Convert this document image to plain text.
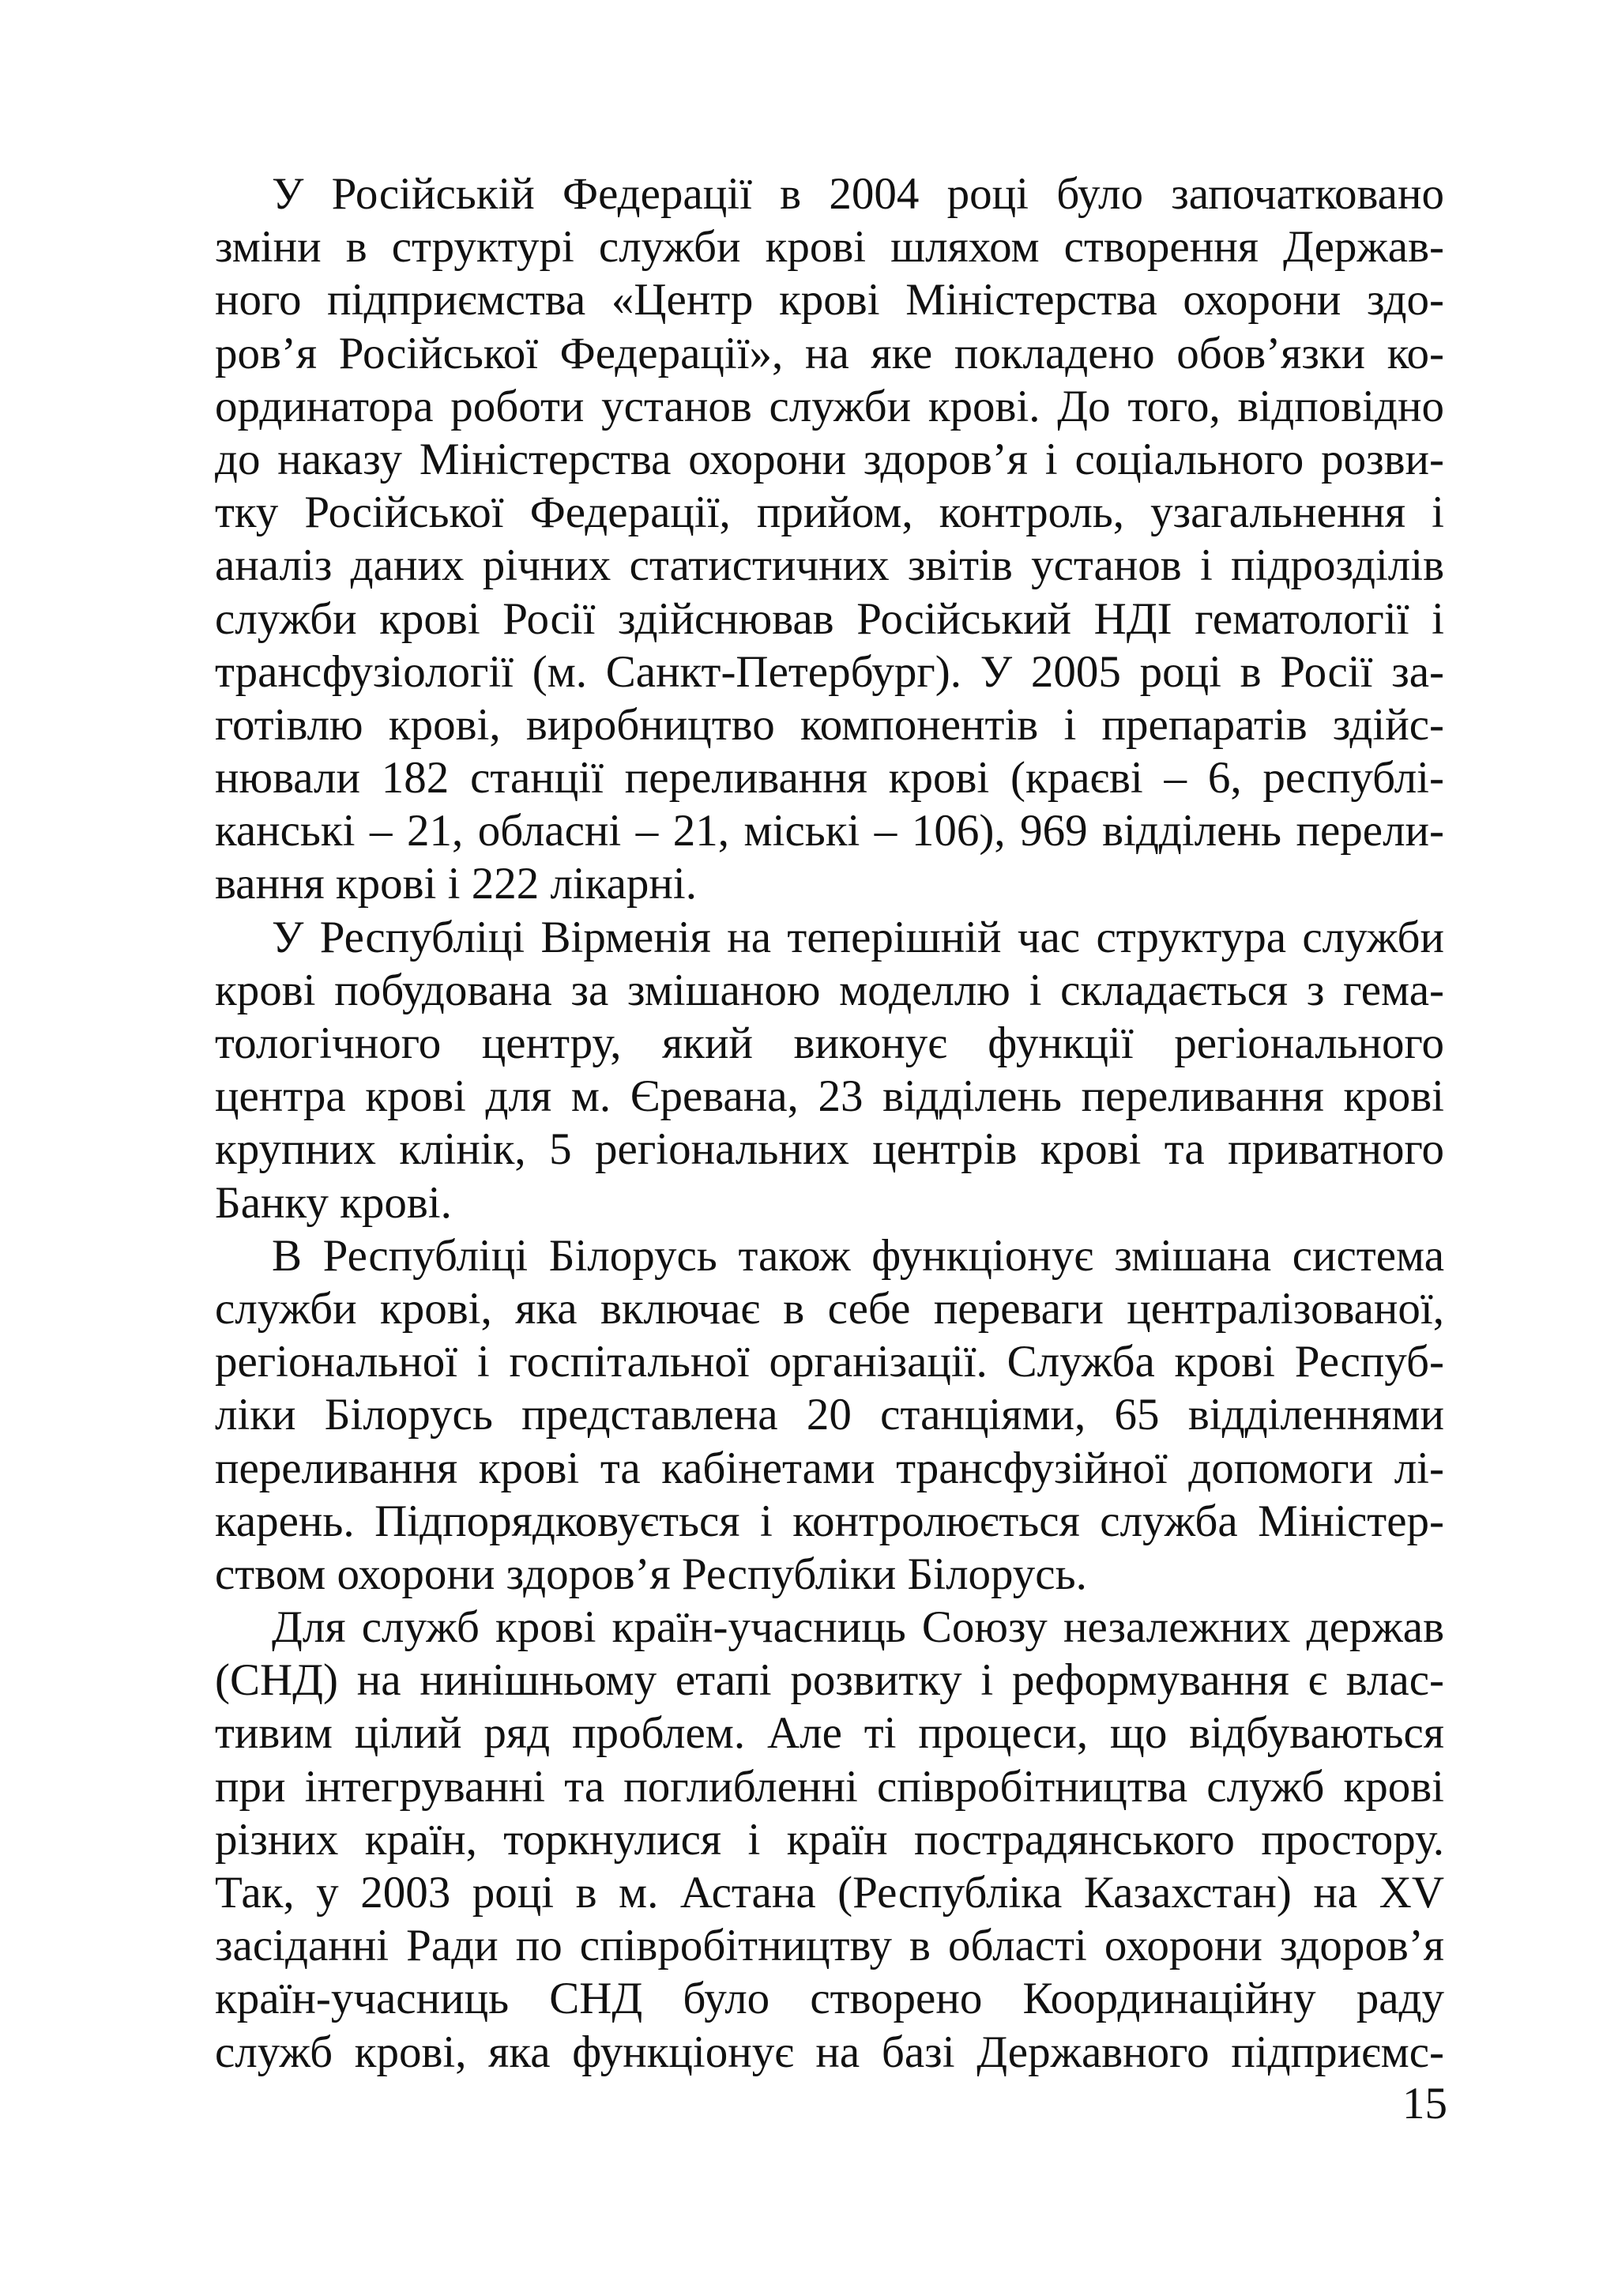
У Російській Федерації в 2004 році було започатковано
зміни в структурі служби крові шляхом створення Держав-
ного підприємства «Центр крові Міністерства охорони здо-
ров’я Російської Федерації», на яке покладено обов’язки ко-
ординатора роботи установ служби крові. До того, відповідно
до наказу Міністерства охорони здоров’я і соціального розви-
тку Російської Федерації, прийом, контроль, узагальнення і
аналіз даних річних статистичних звітів установ і підрозділів
служби крові Росії здійснював Російський НДІ гематології і
трансфузіології (м. Санкт-Петербург). У 2005 році в Росії за-
готівлю крові, виробництво компонентів і препаратів здійс-
нювали 182 станції переливання крові (краєві – 6, республі-
канські – 21, обласні – 21, міські – 106), 969 відділень перели-
вання крові і 222 лікарні.
У Республіці Вірменія на теперішній час структура служби
крові побудована за змішаною моделлю і складається з гема-
тологічного центру, який виконує функції регіонального
центра крові для м. Єревана, 23 відділень переливання крові
крупних клінік, 5 регіональних центрів крові та приватного
Банку крові.
В Республіці Білорусь також функціонує змішана система
служби крові, яка включає в себе переваги централізованої,
регіональної і госпітальної організації. Служба крові Респуб-
ліки Білорусь представлена 20 станціями, 65 відділеннями
переливання крові та кабінетами трансфузійної допомоги лі-
карень. Підпорядковується і контролюється служба Міністер-
ством охорони здоров’я Республіки Білорусь.
Для служб крові країн-учасниць Союзу незалежних держав
(СНД) на нинішньому етапі розвитку і реформування є влас-
тивим цілий ряд проблем. Але ті процеси, що відбуваються
при інтегруванні та поглибленні співробітництва служб крові
різних країн, торкнулися і країн пострадянського простору.
Так, у 2003 році в м. Астана (Республіка Казахстан) на XV
засіданні Ради по співробітництву в області охорони здоров’я
країн-учасниць СНД було створено Координаційну раду
служб крові, яка функціонує на базі Державного підприємс-
15
